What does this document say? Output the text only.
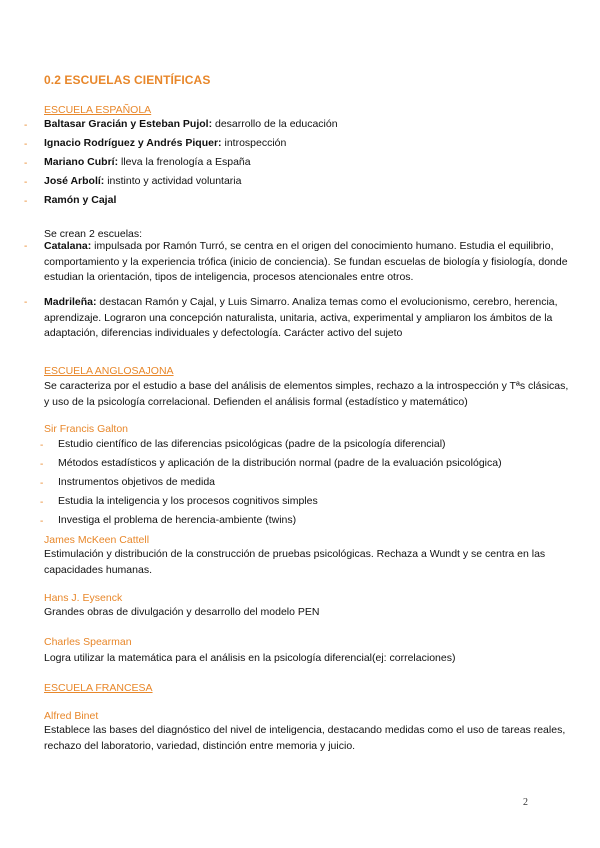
0.2 ESCUELAS CIENTÍFICAS
ESCUELA ESPAÑOLA
- Baltasar Gracián y Esteban Pujol: desarrollo de la educación
- Ignacio Rodríguez y Andrés Piquer: introspección
- Mariano Cubrí: lleva la frenología a España
- José Arbolí: instinto y actividad voluntaria
- Ramón y Cajal
Se crean 2 escuelas:
- Catalana: impulsada por Ramón Turró, se centra en el origen del conocimiento humano. Estudia el equilibrio, comportamiento y la experiencia trófica (inicio de conciencia). Se fundan escuelas de biología y fisiología, donde estudian la orientación, tipos de inteligencia, procesos atencionales entre otros.
- Madrileña: destacan Ramón y Cajal, y Luis Simarro. Analiza temas como el evolucionismo, cerebro, herencia, aprendizaje. Lograron una concepción naturalista, unitaria, activa, experimental y ampliaron los ámbitos de la adaptación, diferencias individuales y defectología. Carácter activo del sujeto
ESCUELA ANGLOSAJONA
Se caracteriza por el estudio a base del análisis de elementos simples, rechazo a la introspección y Tªs clásicas, y uso de la psicología correlacional. Defienden el análisis formal (estadístico y matemático)
Sir Francis Galton
- Estudio científico de las diferencias psicológicas (padre de la psicología diferencial)
- Métodos estadísticos y aplicación de la distribución normal (padre de la evaluación psicológica)
- Instrumentos objetivos de medida
- Estudia la inteligencia y los procesos cognitivos simples
- Investiga el problema de herencia-ambiente (twins)
James McKeen Cattell
Estimulación y distribución de la construcción de pruebas psicológicas. Rechaza a Wundt y se centra en las capacidades humanas.
Hans J. Eysenck
Grandes obras de divulgación y desarrollo del modelo PEN
Charles Spearman
Logra utilizar la matemática para el análisis en la psicología diferencial(ej: correlaciones)
ESCUELA FRANCESA
Alfred Binet
Establece las bases del diagnóstico del nivel de inteligencia, destacando medidas como el uso de tareas reales, rechazo del laboratorio, variedad, distinción entre memoria y juicio.
2
